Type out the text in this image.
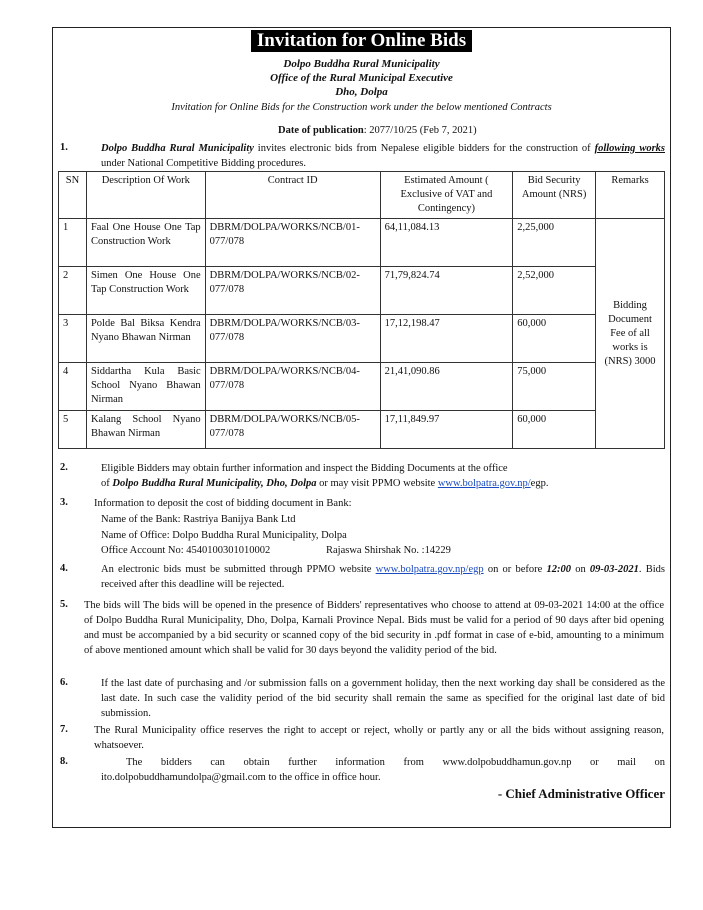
Invitation for Online Bids
Dolpo Buddha Rural Municipality
Office of the Rural Municipal Executive
Dho, Dolpa
Invitation for Online Bids for the Construction work under the below mentioned Contracts
Date of publication: 2077/10/25 (Feb 7, 2021)
1.	Dolpo Buddha Rural Municipality invites electronic bids from Nepalese eligible bidders for the construction of following works under National Competitive Bidding procedures.
SN	Description Of Work	Contract ID	Estimated Amount ( Exclusive of VAT and Contingency)	Bid Security Amount (NRS)	Remarks
1	Faal One House One Tap Construction Work	DBRM/DOLPA/WORKS/NCB/01-077/078	64,11,084.13	2,25,000	Bidding Document Fee of all works is (NRS) 3000
2	Simen One House One Tap Construction Work	DBRM/DOLPA/WORKS/NCB/02-077/078	71,79,824.74	2,52,000	
3	Polde Bal Biksa Kendra Nyano Bhawan Nirman	DBRM/DOLPA/WORKS/NCB/03-077/078	17,12,198.47	60,000	
4	Siddartha Kula Basic School Nyano Bhawan Nirman	DBRM/DOLPA/WORKS/NCB/04-077/078	21,41,090.86	75,000	
5	Kalang School Nyano Bhawan Nirman	DBRM/DOLPA/WORKS/NCB/05-077/078	17,11,849.97	60,000	
2.	Eligible Bidders may obtain further information and inspect the Bidding Documents at the office
of Dolpo Buddha Rural Municipality, Dho, Dolpa or may visit PPMO website www.bolpatra.gov.np/egp.
3. Information to deposit the cost of bidding document in Bank:
Name of the Bank: Rastriya Banijya Bank Ltd
Name of Office: Dolpo Buddha Rural Municipality, Dolpa
Office Account No: 4540100301010002	Rajaswa Shirshak No. :14229
4.	An electronic bids must be submitted through PPMO website www.bolpatra.gov.np/egp on or before 12:00 on 09-03-2021. Bids received after this deadline will be rejected.
5. The bids will The bids will be opened in the presence of Bidders' representatives who choose to attend at 09-03-2021 14:00 at the office of Dolpo Buddha Rural Municipality, Dho, Dolpa, Karnali Province Nepal. Bids must be valid for a period of 90 days after bid opening and must be accompanied by a bid security or scanned copy of the bid security in .pdf format in case of e-bid, amounting to a minimum of above mentioned amount which shall be valid for 30 days beyond the validity period of the bid.
6.	If the last date of purchasing and /or submission falls on a government holiday, then the next working day shall be considered as the last date. In such case the validity period of the bid security shall remain the same as specified for the original last date of bid submission.
7. The Rural Municipality office reserves the right to accept or reject, wholly or partly any or all the bids without assigning reason, whatsoever.
8.	The bidders can obtain further information from www.dolpobuddhamun.gov.np or mail on ito.dolpobuddhamundolpa@gmail.com to the office in office hour.
- Chief Administrative Officer
